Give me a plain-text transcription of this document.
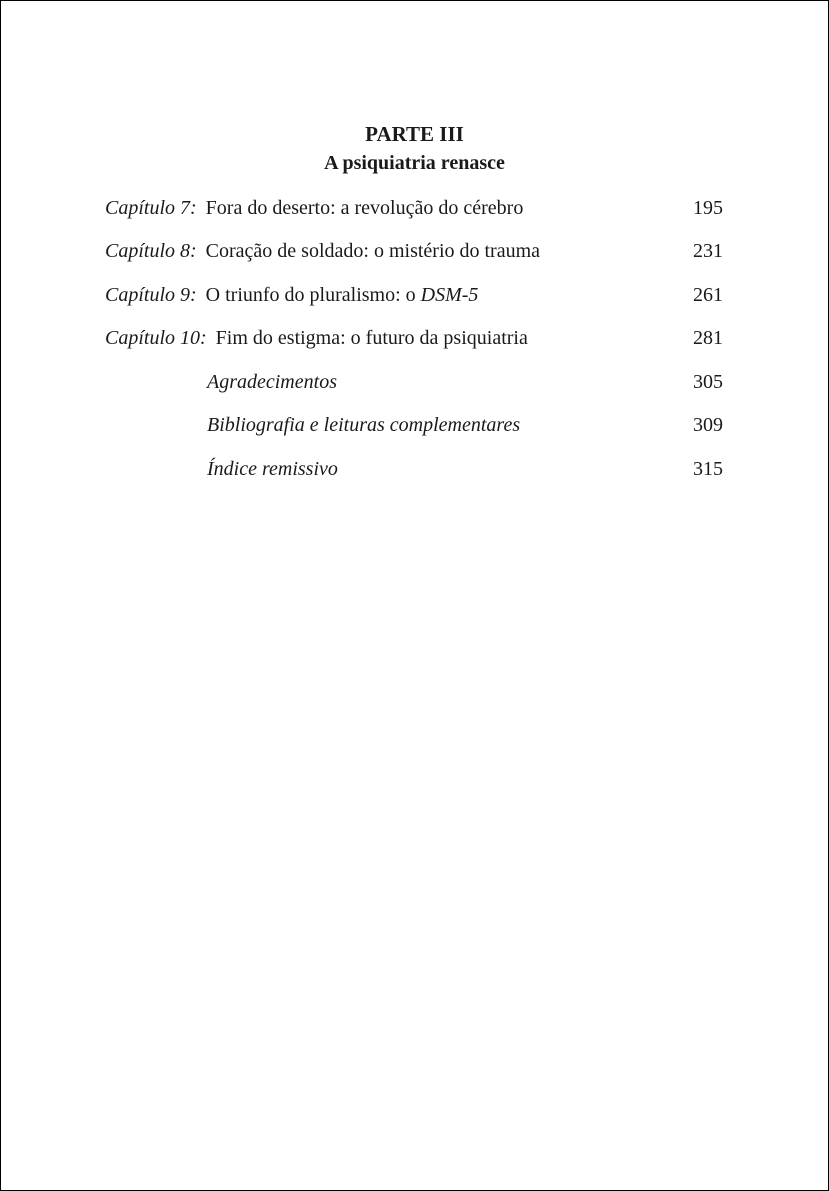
PARTE III
A psiquiatria renasce
Capítulo 7: Fora do deserto: a revolução do cérebro	195
Capítulo 8: Coração de soldado: o mistério do trauma	231
Capítulo 9: O triunfo do pluralismo: o DSM-5	261
Capítulo 10: Fim do estigma: o futuro da psiquiatria	281
Agradecimentos	305
Bibliografia e leituras complementares	309
Índice remissivo	315
